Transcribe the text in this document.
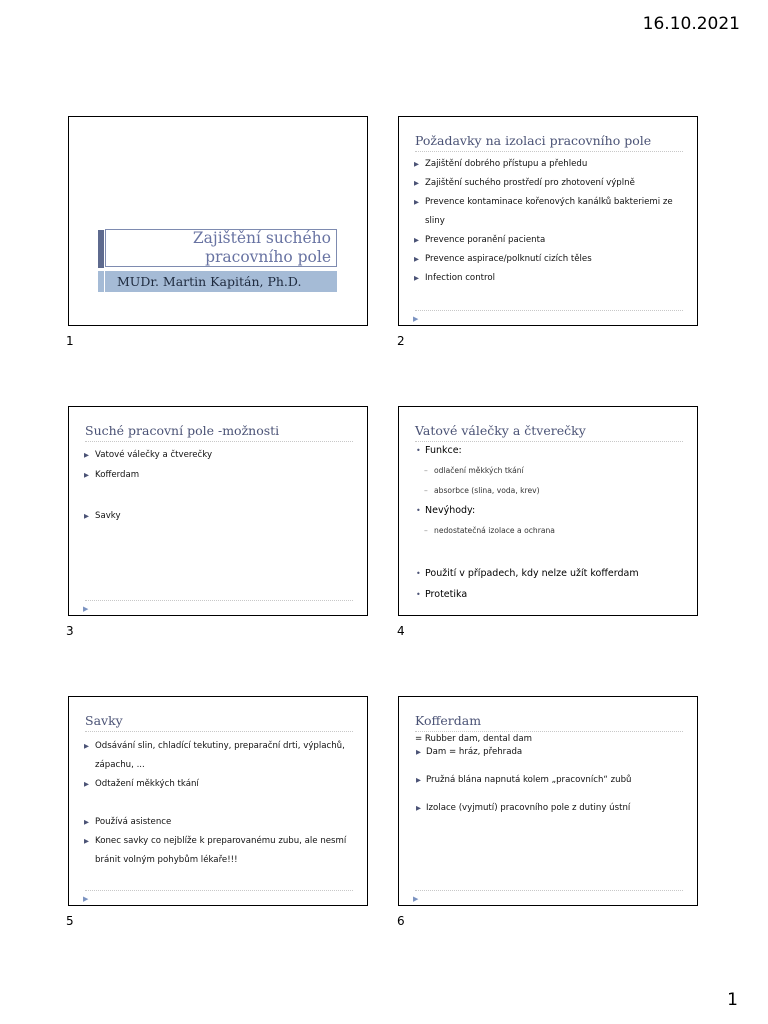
16.10.2021
Zajištění suchého
pracovního pole
MUDr. Martin Kapitán, Ph.D.
1
Požadavky na izolaci pracovního pole
▶ Zajištění dobrého přístupu a přehledu
▶ Zajištění suchého prostředí pro zhotovení výplně
▶ Prevence kontaminace kořenových kanálků bakteriemi ze
sliny
▶ Prevence poranění pacienta
▶ Prevence aspirace/polknutí cizích těles
▶ Infection control
▶
2
Suché pracovní pole -možnosti
▶ Vatové válečky a čtverečky
▶ Kofferdam
▶ Savky
▶
3
Vatové válečky a čtverečky
• Funkce:
– odlačení měkkých tkání
– absorbce (slina, voda, krev)
• Nevýhody:
– nedostatečná izolace a ochrana
• Použití v případech, kdy nelze užít kofferdam
• Protetika
4
Savky
▶ Odsávání slin, chladící tekutiny, preparační drti, výplachů,
zápachu, ...
▶ Odtažení měkkých tkání
▶ Používá asistence
▶ Konec savky co nejblíže k preparovanému zubu, ale nesmí
bránit volným pohybům lékaře!!!
▶
5
Kofferdam
= Rubber dam, dental dam
▶ Dam = hráz, přehrada
▶ Pružná blána napnutá kolem „pracovních“ zubů
▶ Izolace (vyjmutí) pracovního pole z dutiny ústní
▶
6
1
